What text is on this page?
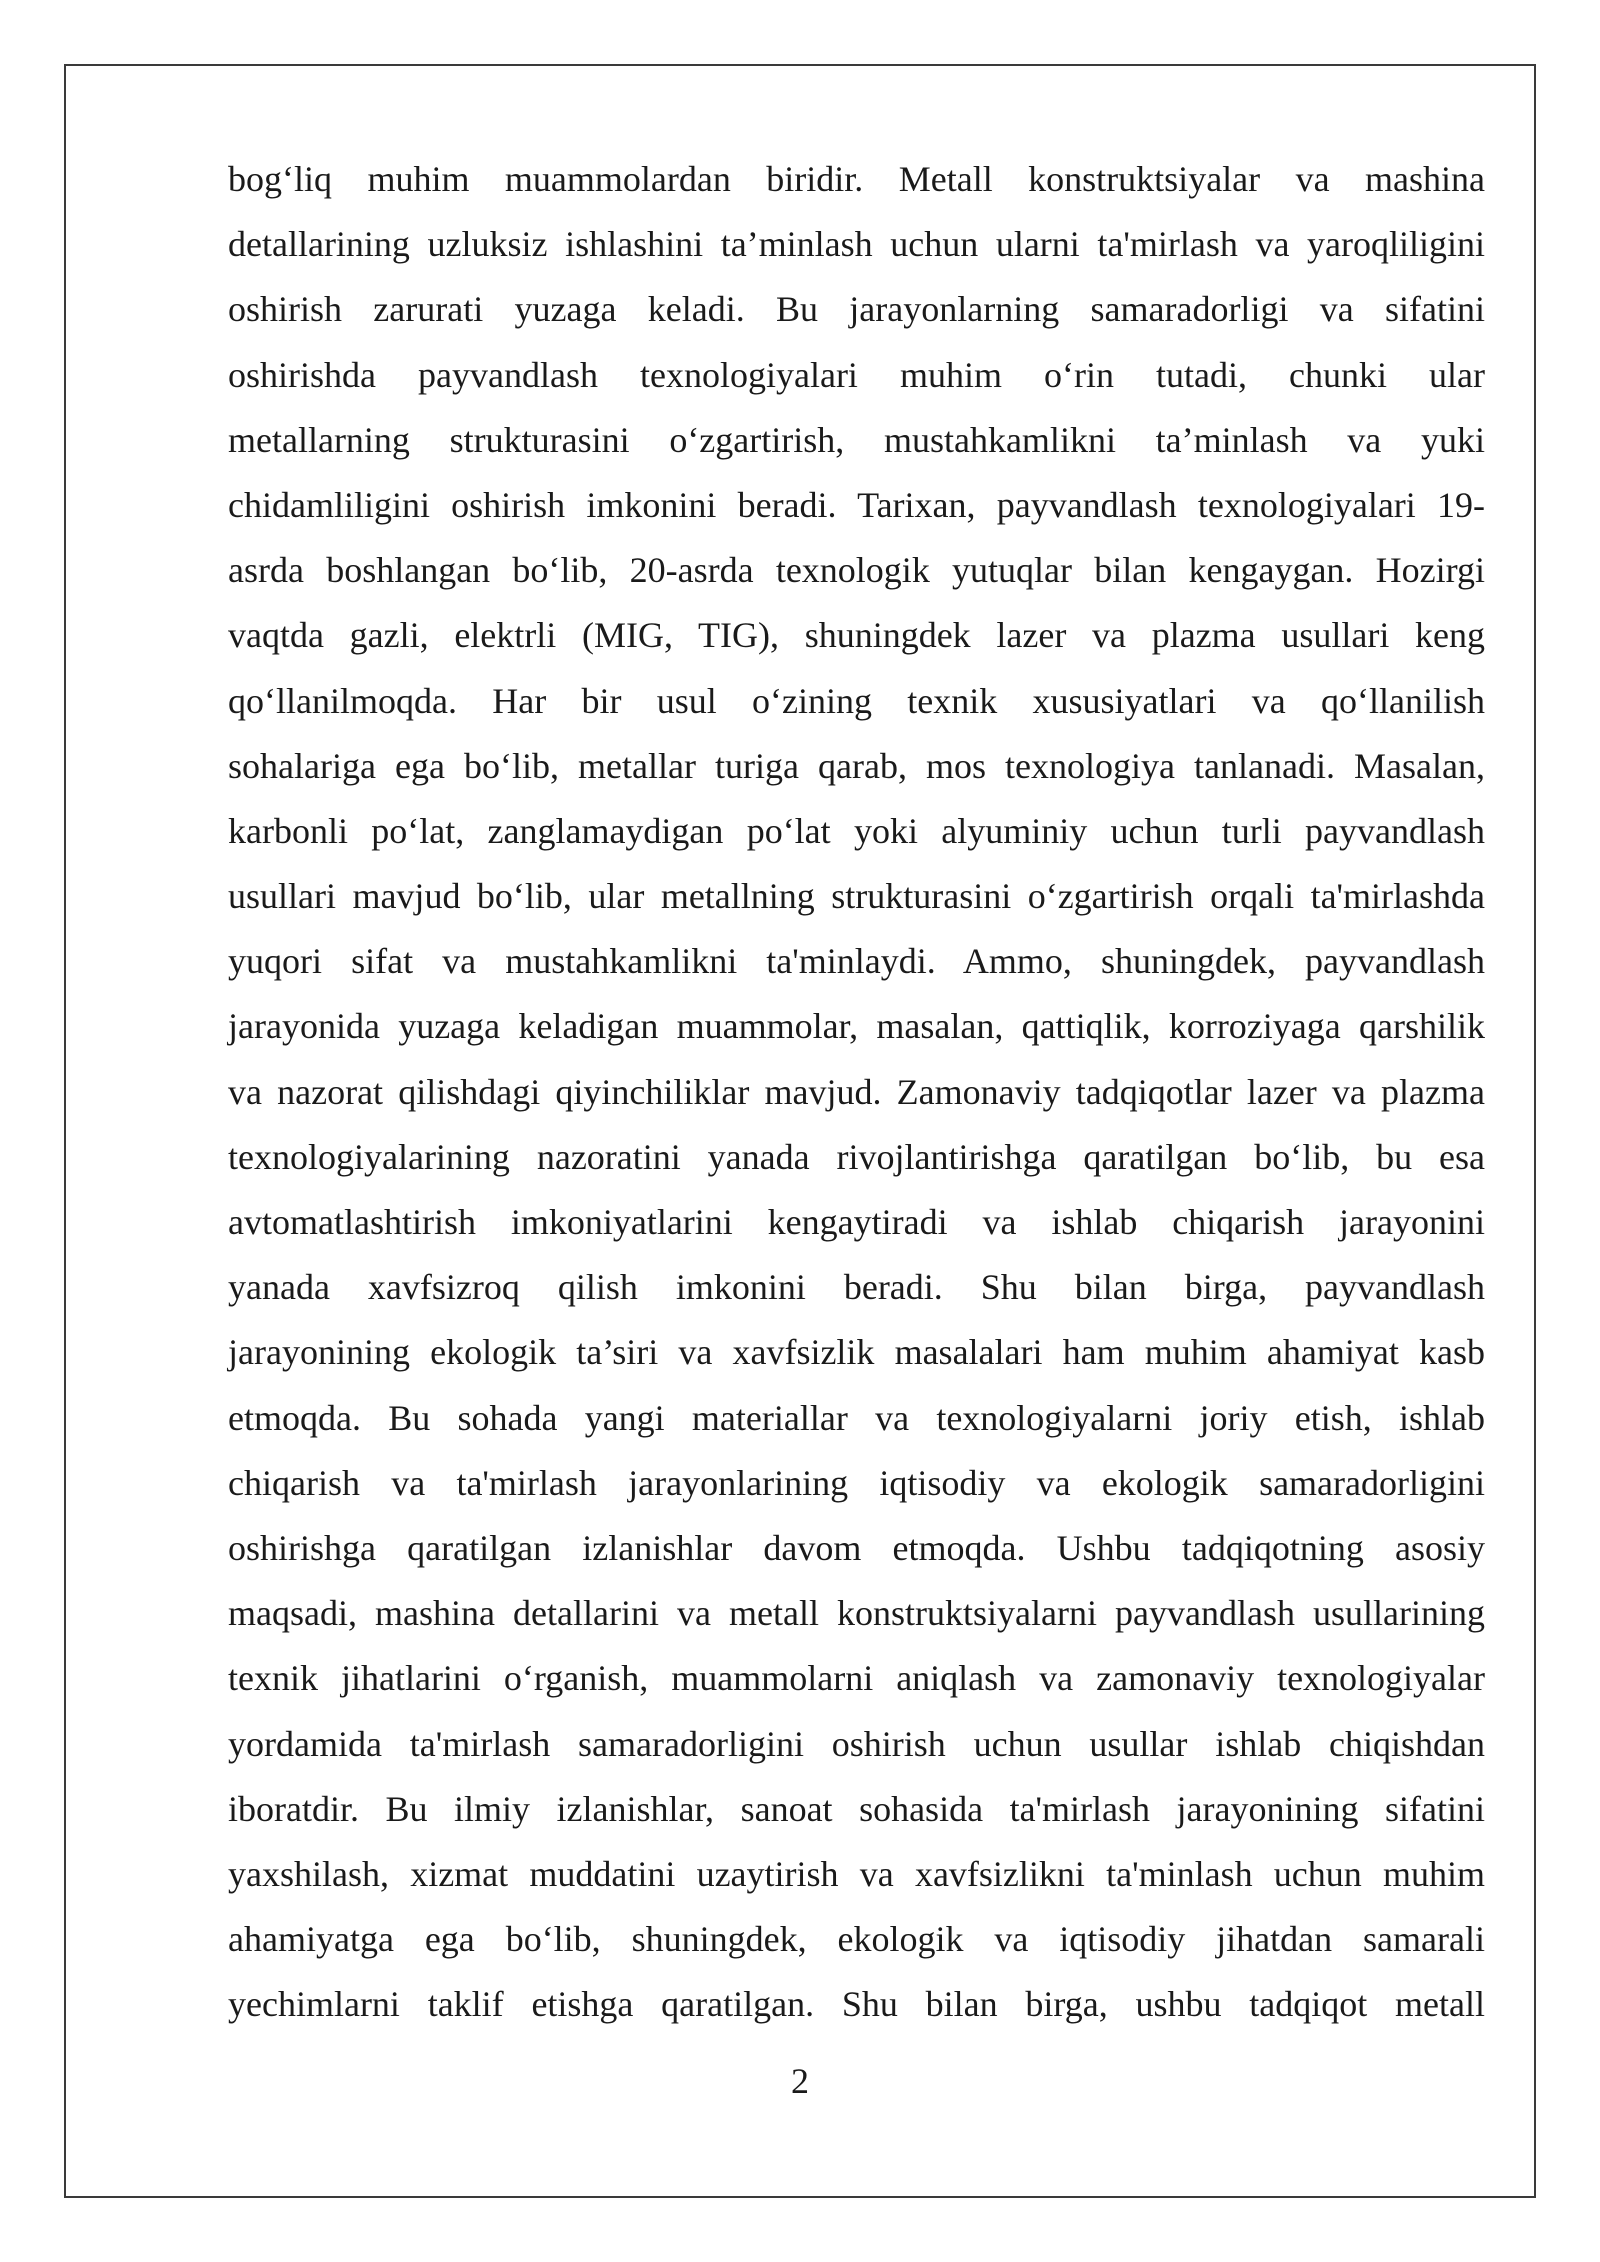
bog‘liq muhim muammolardan biridir. Metall konstruktsiyalar va mashina
detallarining uzluksiz ishlashini ta’minlash uchun ularni ta'mirlash va yaroqliligini
oshirish zarurati yuzaga keladi. Bu jarayonlarning samaradorligi va sifatini
oshirishda payvandlash texnologiyalari muhim o‘rin tutadi, chunki ular
metallarning strukturasini o‘zgartirish, mustahkamlikni ta’minlash va yuki
chidamliligini oshirish imkonini beradi. Tarixan, payvandlash texnologiyalari 19-
asrda boshlangan bo‘lib, 20-asrda texnologik yutuqlar bilan kengaygan. Hozirgi
vaqtda gazli, elektrli (MIG, TIG), shuningdek lazer va plazma usullari keng
qo‘llanilmoqda. Har bir usul o‘zining texnik xususiyatlari va qo‘llanilish
sohalariga ega bo‘lib, metallar turiga qarab, mos texnologiya tanlanadi. Masalan,
karbonli po‘lat, zanglamaydigan po‘lat yoki alyuminiy uchun turli payvandlash
usullari mavjud bo‘lib, ular metallning strukturasini o‘zgartirish orqali ta'mirlashda
yuqori sifat va mustahkamlikni ta'minlaydi. Ammo, shuningdek, payvandlash
jarayonida yuzaga keladigan muammolar, masalan, qattiqlik, korroziyaga qarshilik
va nazorat qilishdagi qiyinchiliklar mavjud. Zamonaviy tadqiqotlar lazer va plazma
texnologiyalarining nazoratini yanada rivojlantirishga qaratilgan bo‘lib, bu esa
avtomatlashtirish imkoniyatlarini kengaytiradi va ishlab chiqarish jarayonini
yanada xavfsizroq qilish imkonini beradi. Shu bilan birga, payvandlash
jarayonining ekologik ta’siri va xavfsizlik masalalari ham muhim ahamiyat kasb
etmoqda. Bu sohada yangi materiallar va texnologiyalarni joriy etish, ishlab
chiqarish va ta'mirlash jarayonlarining iqtisodiy va ekologik samaradorligini
oshirishga qaratilgan izlanishlar davom etmoqda. Ushbu tadqiqotning asosiy
maqsadi, mashina detallarini va metall konstruktsiyalarni payvandlash usullarining
texnik jihatlarini o‘rganish, muammolarni aniqlash va zamonaviy texnologiyalar
yordamida ta'mirlash samaradorligini oshirish uchun usullar ishlab chiqishdan
iboratdir. Bu ilmiy izlanishlar, sanoat sohasida ta'mirlash jarayonining sifatini
yaxshilash, xizmat muddatini uzaytirish va xavfsizlikni ta'minlash uchun muhim
ahamiyatga ega bo‘lib, shuningdek, ekologik va iqtisodiy jihatdan samarali
yechimlarni taklif etishga qaratilgan. Shu bilan birga, ushbu tadqiqot metall

2
